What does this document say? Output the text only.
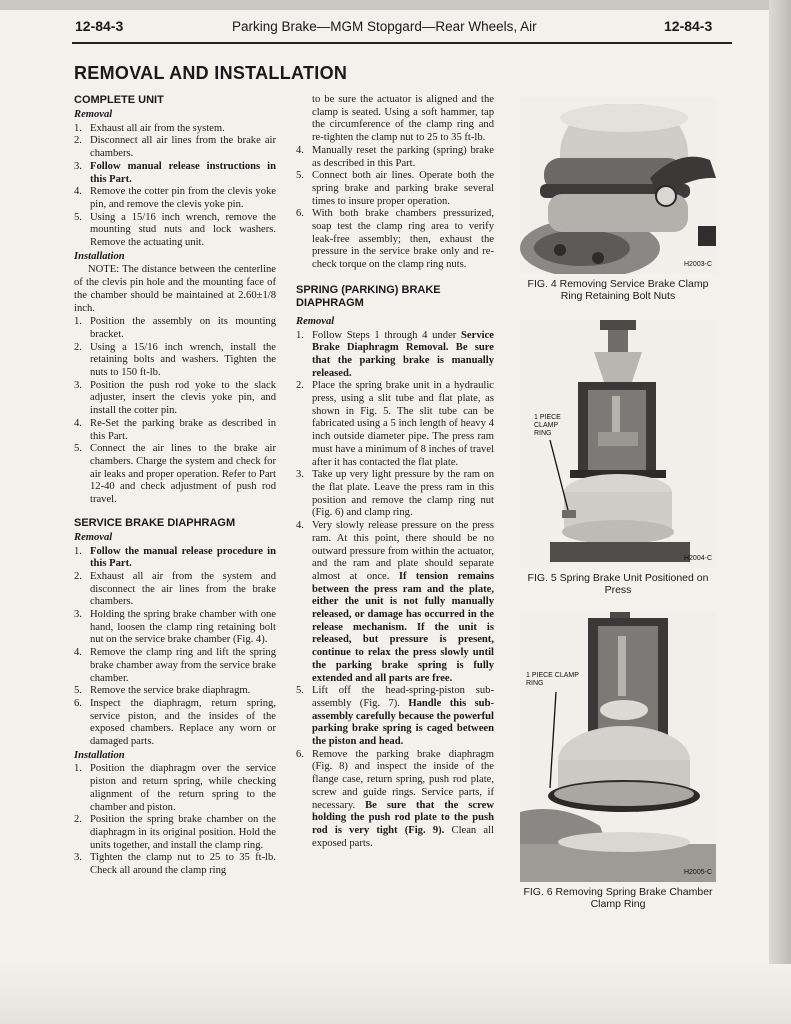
12-84-3	Parking Brake—MGM Stopgard—Rear Wheels, Air	12-84-3
REMOVAL AND INSTALLATION
COMPLETE UNIT
Removal
1. Exhaust all air from the system.
2. Disconnect all air lines from the brake air chambers.
3. Follow manual release instructions in this Part.
4. Remove the cotter pin from the clevis yoke pin, and remove the clevis yoke pin.
5. Using a 15/16 inch wrench, remove the mounting stud nuts and lock washers. Remove the actuating unit.
Installation

NOTE: The distance between the centerline of the clevis pin hole and the mounting face of the chamber should be maintained at 2.60±1/8 inch.

1. Position the assembly on its mounting bracket.
2. Using a 15/16 inch wrench, install the retaining bolts and washers. Tighten the nuts to 150 ft-lb.
3. Position the push rod yoke to the slack adjuster, insert the clevis yoke pin, and install the cotter pin.
4. Re-Set the parking brake as described in this Part.
5. Connect the air lines to the brake air chambers. Charge the system and check for air leaks and proper operation. Refer to Part 12-40 and check adjustment of push rod travel.
SERVICE BRAKE DIAPHRAGM
Removal
1. Follow the manual release procedure in this Part.
2. Exhaust all air from the system and disconnect the air lines from the brake chambers.
3. Holding the spring brake chamber with one hand, loosen the clamp ring retaining bolt nut on the service brake chamber (Fig. 4).
4. Remove the clamp ring and lift the spring brake chamber away from the service brake chamber.
5. Remove the service brake diaphragm.
6. Inspect the diaphragm, return spring, service piston, and the insides of the exposed chambers. Replace any worn or damaged parts.
Installation
1. Position the diaphragm over the service piston and return spring, while checking alignment of the return spring to the chamber and piston.
2. Position the spring brake chamber on the diaphragm in its original position. Hold the units together, and install the clamp ring.
3. Tighten the clamp nut to 25 to 35 ft-lb. Check all around the clamp ring

to be sure the actuator is aligned and the clamp is seated. Using a soft hammer, tap the circumference of the clamp ring and re-tighten the clamp nut to 25 to 35 ft-lb.

4. Manually reset the parking (spring) brake as described in this Part.
5. Connect both air lines. Operate both the spring brake and parking brake several times to insure proper operation.
6. With both brake chambers pressurized, soap test the clamp ring area to verify leak-free assembly; then, exhaust the pressure in the service brake only and re-check torque on the clamp ring nuts.
SPRING (PARKING) BRAKE DIAPHRAGM
Removal
1. Follow Steps 1 through 4 under Service Brake Diaphragm Removal. Be sure that the parking brake is manually released.
2. Place the spring brake unit in a hydraulic press, using a slit tube and flat plate, as shown in Fig. 5. The slit tube can be fabricated using a 5 inch length of heavy 4 inch outside diameter pipe. The press ram must have a minimum of 8 inches of travel after it has contacted the flat plate.
3. Take up very light pressure by the ram on the flat plate. Leave the press ram in this position and remove the clamp ring nut (Fig. 6) and clamp ring.
4. Very slowly release pressure on the press ram. At this point, there should be no outward pressure from within the actuator, and the ram and plate should separate almost at once. If tension remains between the press ram and the plate, either the unit is not fully manually released, or damage has occurred in the release mechanism. If the unit is released, but pressure is present, continue to relax the press slowly until the parking brake spring is fully extended and all parts are free.
5. Lift off the head-spring-piston sub-assembly (Fig. 7). Handle this sub-assembly carefully because the powerful parking brake spring is caged between the piston and head.
6. Remove the parking brake diaphragm (Fig. 8) and inspect the inside of the flange case, return spring, push rod plate, screw and guide rings. Service parts, if necessary. Be sure that the screw holding the push rod plate to the push rod is very tight (Fig. 9). Clean all exposed parts.
H2003-C

FIG. 4 Removing Service Brake Clamp Ring Retaining Bolt Nuts

1 PIECE CLAMP RING
H2004-C

FIG. 5 Spring Brake Unit Positioned on Press

1 PIECE CLAMP RING
H2005-C

FIG. 6 Removing Spring Brake Chamber Clamp Ring
